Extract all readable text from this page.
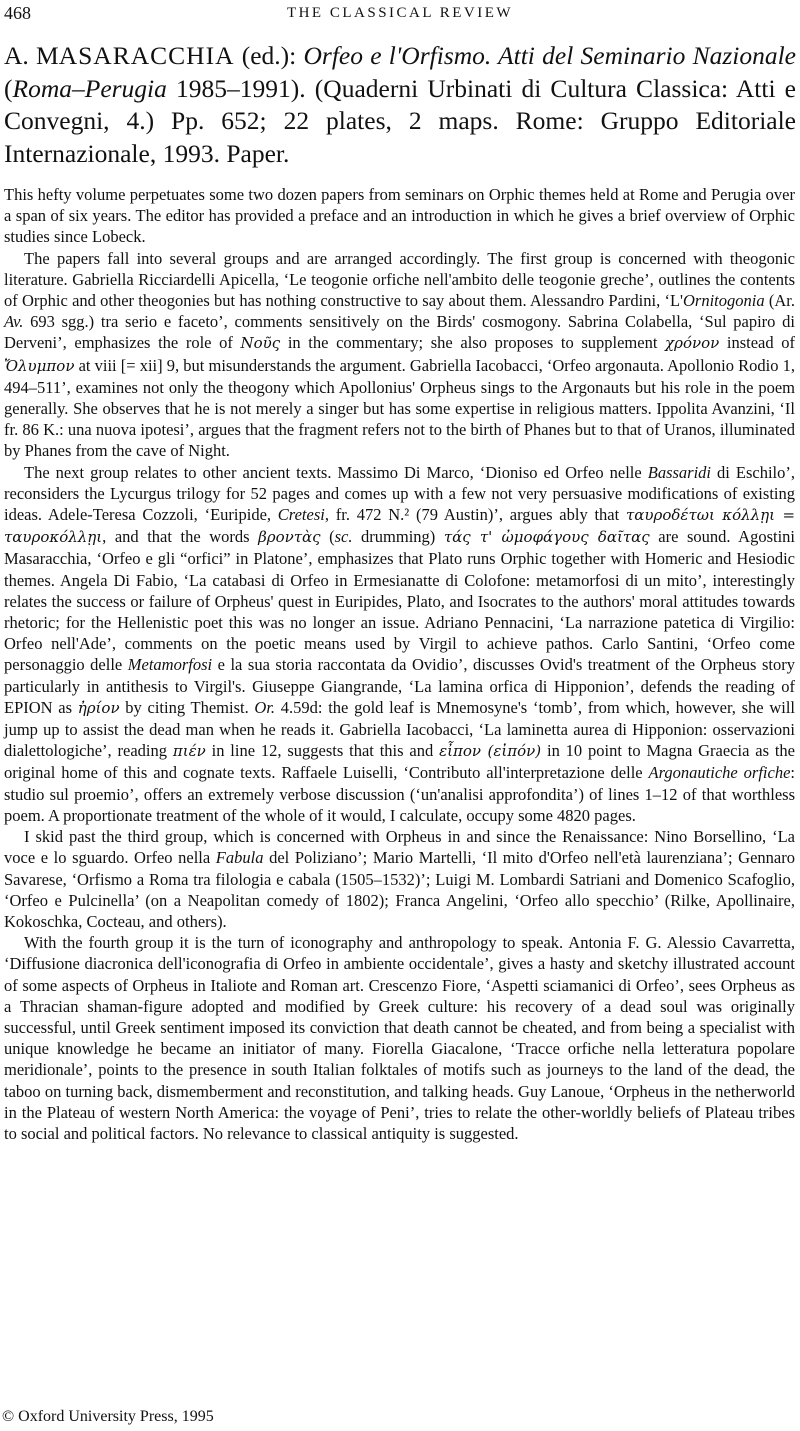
468	THE CLASSICAL REVIEW
A. MASARACCHIA (ed.): Orfeo e l'Orfismo. Atti del Seminario Nazionale (Roma–Perugia 1985–1991). (Quaderni Urbinati di Cultura Classica: Atti e Convegni, 4.) Pp. 652; 22 plates, 2 maps. Rome: Gruppo Editoriale Internazionale, 1993. Paper.

This hefty volume perpetuates some two dozen papers from seminars on Orphic themes held at Rome and Perugia over a span of six years. The editor has provided a preface and an introduction in which he gives a brief overview of Orphic studies since Lobeck.

The papers fall into several groups and are arranged accordingly. The first group is concerned with theogonic literature. Gabriella Ricciardelli Apicella, ‘Le teogonie orfiche nell'ambito delle teogonie greche’, outlines the contents of Orphic and other theogonies but has nothing constructive to say about them. Alessandro Pardini, ‘L'Ornitogonia (Ar. Av. 693 sgg.) tra serio e faceto’, comments sensitively on the Birds' cosmogony. Sabrina Colabella, ‘Sul papiro di Derveni’, emphasizes the role of Νοῦς in the commentary; she also proposes to supplement χρόνον instead of Ὄλυμπον at viii [= xii] 9, but misunderstands the argument. Gabriella Iacobacci, ‘Orfeo argonauta. Apollonio Rodio 1, 494–511’, examines not only the theogony which Apollonius' Orpheus sings to the Argonauts but his role in the poem generally. She observes that he is not merely a singer but has some expertise in religious matters. Ippolita Avanzini, ‘Il fr. 86 K.: una nuova ipotesi’, argues that the fragment refers not to the birth of Phanes but to that of Uranos, illuminated by Phanes from the cave of Night.

The next group relates to other ancient texts. Massimo Di Marco, ‘Dioniso ed Orfeo nelle Bassaridi di Eschilo’, reconsiders the Lycurgus trilogy for 52 pages and comes up with a few not very persuasive modifications of existing ideas. Adele-Teresa Cozzoli, ‘Euripide, Cretesi, fr. 472 N.² (79 Austin)’, argues ably that ταυροδέτωι κόλλῃι = ταυροκόλλῃι, and that the words βροντὰς (sc. drumming) τάς τ' ὠμοφάγους δαῖτας are sound. Agostini Masaracchia, ‘Orfeo e gli “orfici” in Platone’, emphasizes that Plato runs Orphic together with Homeric and Hesiodic themes. Angela Di Fabio, ‘La catabasi di Orfeo in Ermesianatte di Colofone: metamorfosi di un mito’, interestingly relates the success or failure of Orpheus' quest in Euripides, Plato, and Isocrates to the authors' moral attitudes towards rhetoric; for the Hellenistic poet this was no longer an issue. Adriano Pennacini, ‘La narrazione patetica di Virgilio: Orfeo nell'Ade’, comments on the poetic means used by Virgil to achieve pathos. Carlo Santini, ‘Orfeo come personaggio delle Metamorfosi e la sua storia raccontata da Ovidio’, discusses Ovid's treatment of the Orpheus story particularly in antithesis to Virgil's. Giuseppe Giangrande, ‘La lamina orfica di Hipponion’, defends the reading of EPION as ἠρίον by citing Themist. Or. 4.59d: the gold leaf is Mnemosyne's ‘tomb’, from which, however, she will jump up to assist the dead man when he reads it. Gabriella Iacobacci, ‘La laminetta aurea di Hipponion: osservazioni dialettologiche’, reading πιέν in line 12, suggests that this and εἶπον (εἰπόν) in 10 point to Magna Graecia as the original home of this and cognate texts. Raffaele Luiselli, ‘Contributo all'interpretazione delle Argonautiche orfiche: studio sul proemio’, offers an extremely verbose discussion (‘un'analisi approfondita’) of lines 1–12 of that worthless poem. A proportionate treatment of the whole of it would, I calculate, occupy some 4820 pages.

I skid past the third group, which is concerned with Orpheus in and since the Renaissance: Nino Borsellino, ‘La voce e lo sguardo. Orfeo nella Fabula del Poliziano’; Mario Martelli, ‘Il mito d'Orfeo nell'età laurenziana’; Gennaro Savarese, ‘Orfismo a Roma tra filologia e cabala (1505–1532)’; Luigi M. Lombardi Satriani and Domenico Scafoglio, ‘Orfeo e Pulcinella’ (on a Neapolitan comedy of 1802); Franca Angelini, ‘Orfeo allo specchio’ (Rilke, Apollinaire, Kokoschka, Cocteau, and others).

With the fourth group it is the turn of iconography and anthropology to speak. Antonia F. G. Alessio Cavarretta, ‘Diffusione diacronica dell'iconografia di Orfeo in ambiente occidentale’, gives a hasty and sketchy illustrated account of some aspects of Orpheus in Italiote and Roman art. Crescenzo Fiore, ‘Aspetti sciamanici di Orfeo’, sees Orpheus as a Thracian shaman-figure adopted and modified by Greek culture: his recovery of a dead soul was originally successful, until Greek sentiment imposed its conviction that death cannot be cheated, and from being a specialist with unique knowledge he became an initiator of many. Fiorella Giacalone, ‘Tracce orfiche nella letteratura popolare meridionale’, points to the presence in south Italian folktales of motifs such as journeys to the land of the dead, the taboo on turning back, dismemberment and reconstitution, and talking heads. Guy Lanoue, ‘Orpheus in the netherworld in the Plateau of western North America: the voyage of Peni’, tries to relate the other-worldly beliefs of Plateau tribes to social and political factors. No relevance to classical antiquity is suggested.

© Oxford University Press, 1995
